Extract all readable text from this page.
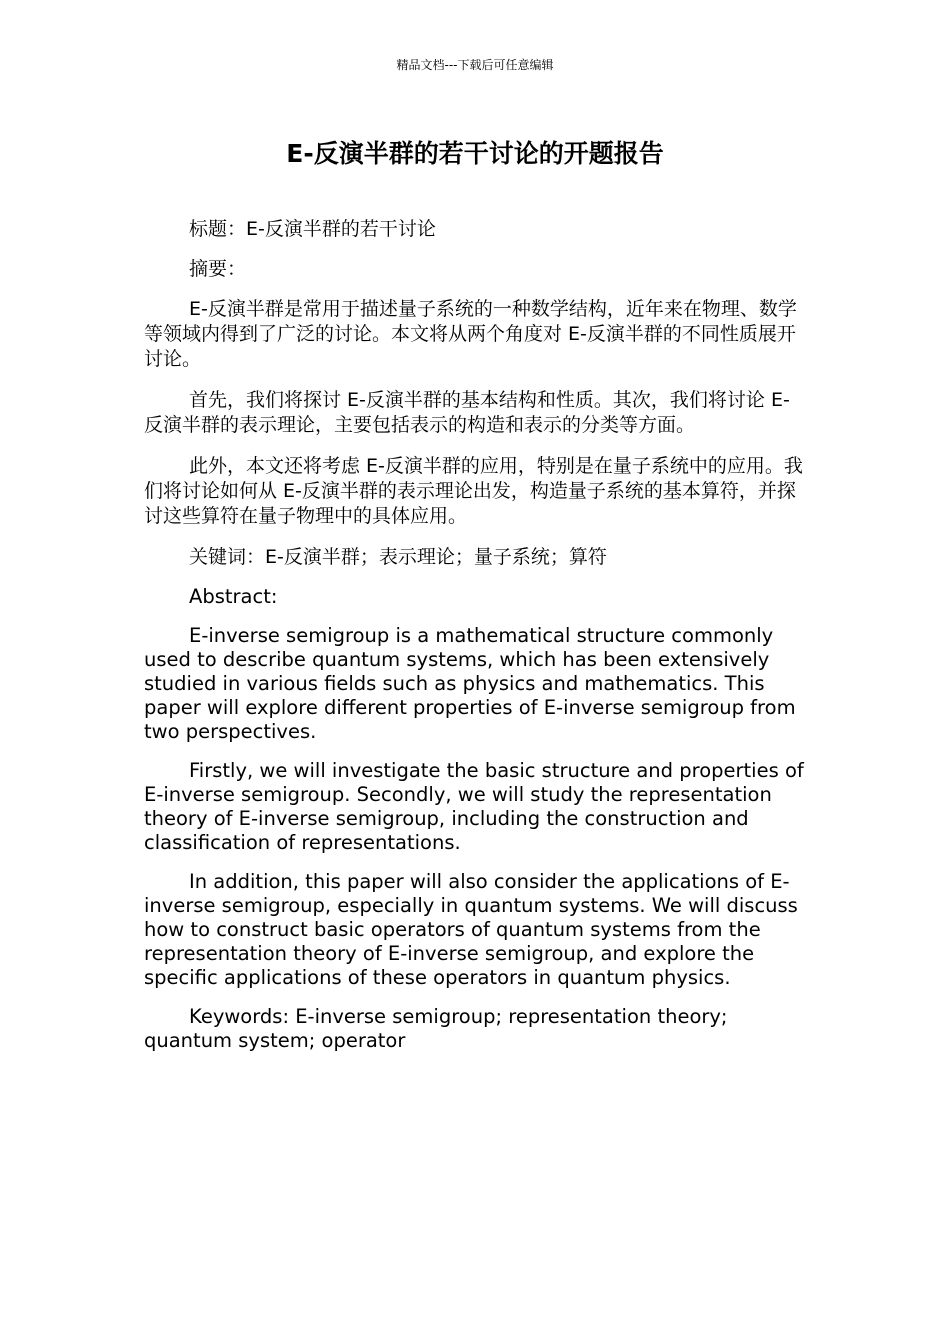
精品文档---下载后可任意编辑
E-反演半群的若干讨论的开题报告

标题：E-反演半群的若干讨论

摘要：

E-反演半群是常用于描述量子系统的一种数学结构，近年来在物理、数学等领域内得到了广泛的讨论。本文将从两个角度对 E-反演半群的不同性质展开讨论。

首先，我们将探讨 E-反演半群的基本结构和性质。其次，我们将讨论 E-反演半群的表示理论，主要包括表示的构造和表示的分类等方面。

此外，本文还将考虑 E-反演半群的应用，特别是在量子系统中的应用。我们将讨论如何从 E-反演半群的表示理论出发，构造量子系统的基本算符，并探讨这些算符在量子物理中的具体应用。

关键词：E-反演半群；表示理论；量子系统；算符

Abstract:

E-inverse semigroup is a mathematical structure commonly used to describe quantum systems, which has been extensively studied in various fields such as physics and mathematics. This paper will explore different properties of E-inverse semigroup from two perspectives.

Firstly, we will investigate the basic structure and properties of E-inverse semigroup. Secondly, we will study the representation theory of E-inverse semigroup, including the construction and classification of representations.

In addition, this paper will also consider the applications of E-inverse semigroup, especially in quantum systems. We will discuss how to construct basic operators of quantum systems from the representation theory of E-inverse semigroup, and explore the specific applications of these operators in quantum physics.

Keywords: E-inverse semigroup; representation theory; quantum system; operator
